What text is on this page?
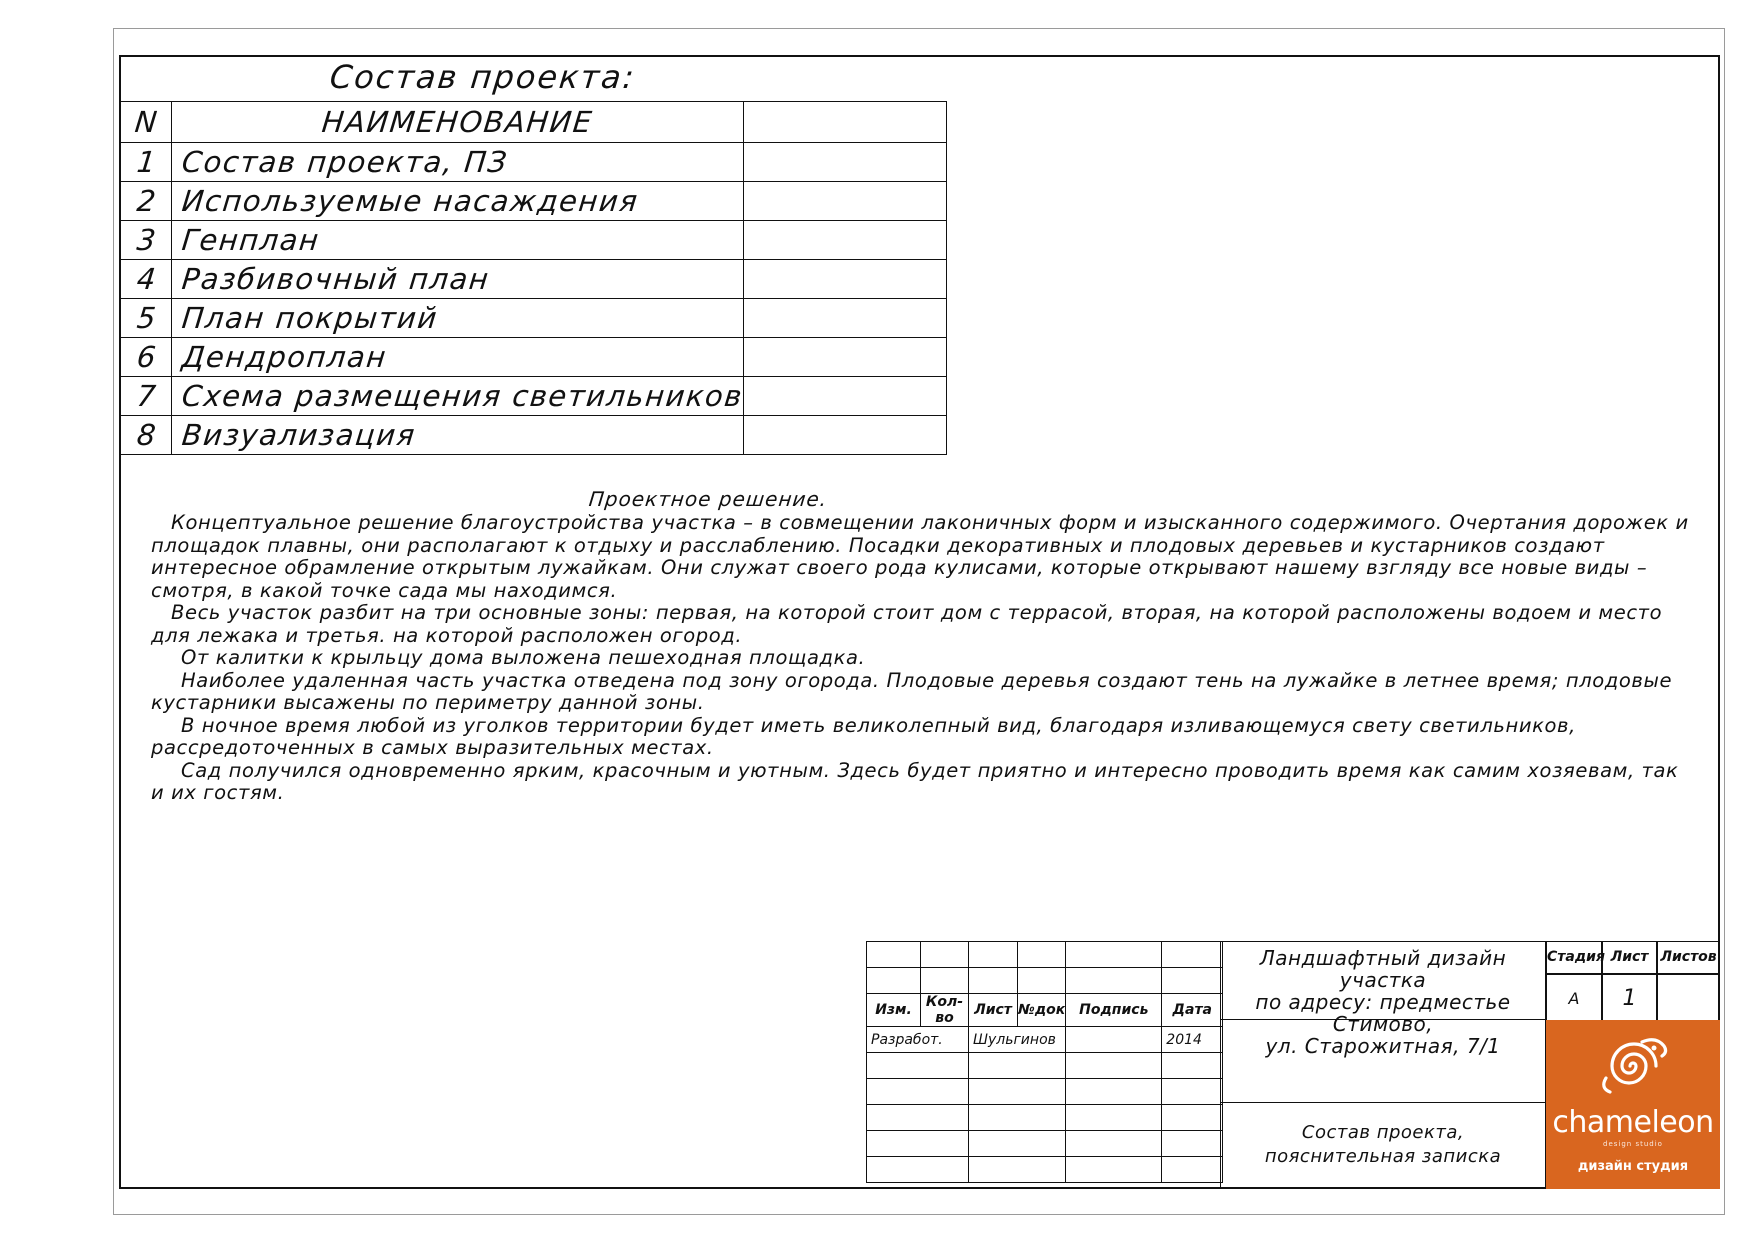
Состав проекта:
N	НАИМЕНОВАНИЕ	
1	Состав проекта, ПЗ	
2	Используемые насаждения	
3	Генплан	
4	Разбивочный план	
5	План покрытий	
6	Дендроплан	
7	Схема размещения светильников	
8	Визуализация	
Проектное решение.

Концептуальное решение благоустройства участка – в совмещении лаконичных форм и изысканного содержимого. Очертания дорожек и площадок плавны, они располагают к отдыху и расслаблению. Посадки декоративных и плодовых деревьев и кустарников создают интересное обрамление открытым лужайкам. Они служат своего рода кулисами, которые открывают нашему взгляду все новые виды – смотря, в какой точке сада мы находимся.

Весь участок разбит на три основные зоны: первая, на которой стоит дом с террасой, вторая, на которой расположены водоем и место для лежака и третья. на которой расположен огород.

От калитки к крыльцу дома выложена пешеходная площадка.

Наиболее удаленная часть участка отведена под зону огорода. Плодовые деревья создают тень на лужайке в летнее время; плодовые кустарники высажены по периметру данной зоны.

В ночное время любой из уголков территории будет иметь великолепный вид, благодаря изливающемуся свету светильников, рассредоточенных в самых выразительных местах.

Сад получился одновременно ярким, красочным и уютным. Здесь будет приятно и интересно проводить время как самим хозяевам, так и их гостям.

Изм.	Кол-во	Лист	№док	Подпись	Дата
Разработ.		Шульгинов			2014

Ландшафтный дизайн участка
по адресу: предместье Стимово,
ул. Старожитная, 7/1
Состав проекта,
пояснительная записка
Стадия Лист Листов
А	1
chameleon
design studio
дизайн студия
